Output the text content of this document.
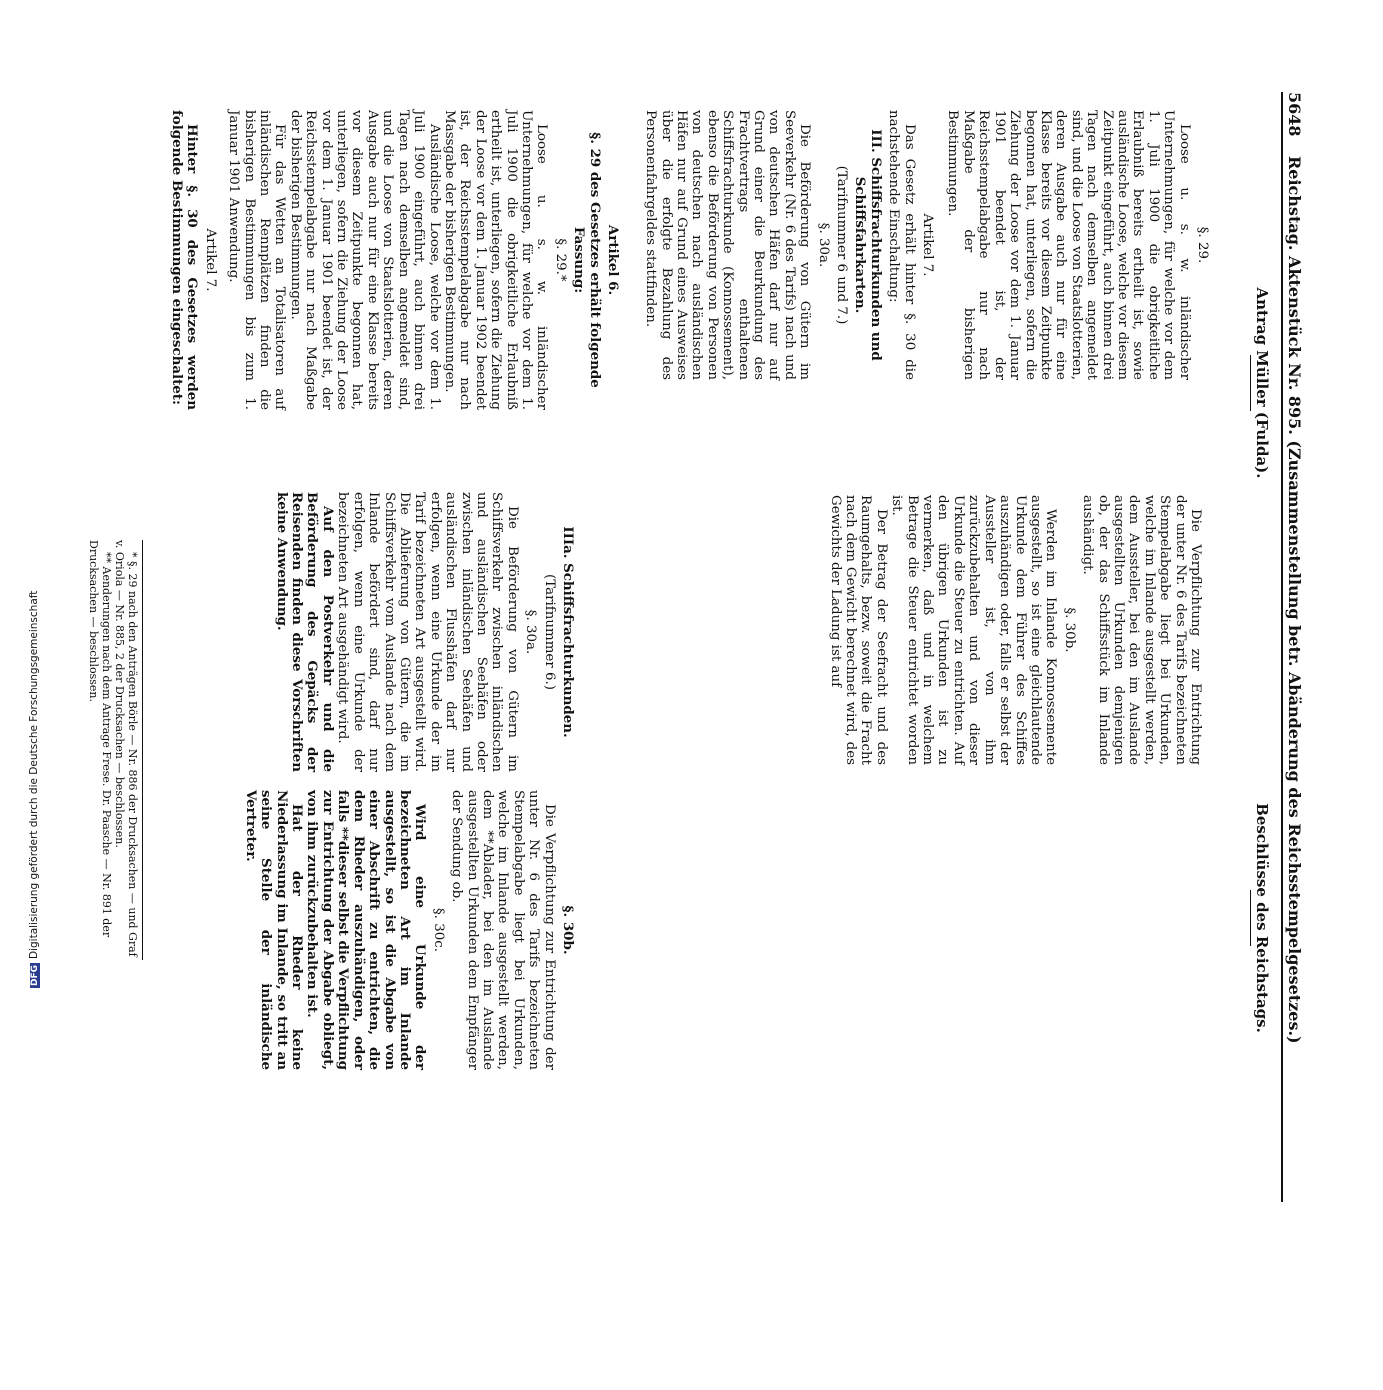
5648
Reichstag. Aktenstück Nr. 895. (Zusammenstellung betr. Abänderung des Reichsstempelgesetzes.)
Antrag Müller (Fulda).
Beschlüsse des Reichstags.

§. 29.

Loose u. s. w. inländischer Unternehmungen, für welche vor dem 1. Juli 1900 die obrigkeitliche Erlaubniß bereits ertheilt ist, sowie ausländische Loose, welche vor diesem Zeitpunkt eingeführt, auch binnen drei Tagen nach demselben angemeldet sind, und die Loose von Staatslotterien, deren Ausgabe auch nur für eine Klasse bereits vor diesem Zeitpunkte begonnen hat, unterliegen, sofern die Ziehung der Loose vor dem 1. Januar 1901 beendet ist, der Reichsstempelabgabe nur nach Maßgabe der bisherigen Bestimmungen.

Artikel 7.

Das Gesetz erhält hinter §. 30 die nachstehende Einschaltung:

III. Schiffsfrachturkunden und Schiffsfahrkarten.

(Tarifnummer 6 und 7.)

§. 30a.

Die Beförderung von Gütern im Seeverkehr (Nr. 6 des Tarifs) nach und von deutschen Häfen darf nur auf Grund einer die Beurkundung des Frachtvertrags enthaltenen Schiffsfrachturkunde (Konnossement), ebenso die Beförderung von Personen von deutschen nach ausländischen Häfen nur auf Grund eines Ausweises über die erfolgte Bezahlung des Personenfahrgeldes stattfinden.

Die Verpflichtung zur Entrichtung der unter Nr. 6 des Tarifs bezeichneten Stempelabgabe liegt bei Urkunden, welche im Inlande ausgestellt werden, dem Aussteller, bei den im Auslande ausgestellten Urkunden demjenigen ob, der das Schiffsstück im Inlande aushändigt.

§. 30b.

Werden im Inlande Konnossemente ausgestellt, so ist eine gleichlautende Urkunde dem Führer des Schiffes auszuhändigen oder, falls er selbst der Aussteller ist, von ihm zurückzubehalten und von dieser Urkunde die Steuer zu entrichten. Auf den übrigen Urkunden ist zu vermerken, daß und in welchem Betrage die Steuer entrichtet worden ist.

Der Betrag der Seefracht und des Raumgehalts, bezw. soweit die Fracht nach dem Gewicht berechnet wird, des Gewichts der Ladung ist auf

Artikel 6.

§. 29 des Gesetzes erhält folgende Fassung:

§. 29.*

Loose u. s. w. inländischer Unternehmungen, für welche vor dem 1. Juli 1900 die obrigkeitliche Erlaubniß ertheilt ist, unterliegen, sofern die Ziehung der Loose vor dem 1. Januar 1902 beendet ist, der Reichsstempelabgabe nur nach Massgabe der bisherigen Bestimmungen.

Ausländische Loose, welche vor dem 1. Juli 1900 eingeführt, auch binnen drei Tagen nach demselben angemeldet sind, und die Loose von Staatslotterien, deren Ausgabe auch nur für eine Klasse bereits vor diesem Zeitpunkte begonnen hat, unterliegen, sofern die Ziehung der Loose vor dem 1. Januar 1901 beendet ist, der Reichsstempelabgabe nur nach Maßgabe der bisherigen Bestimmungen.

Für das Wetten an Totalisatoren auf inländischen Rennplätzen finden die bisherigen Bestimmungen bis zum 1. Januar 1901 Anwendung.

Artikel 7.

Hinter §. 30 des Gesetzes werden folgende Bestimmungen eingeschaltet:

IIIa. Schiffsfrachturkunden.

(Tarifnummer 6.)

§. 30a.

Die Beförderung von Gütern im Schiffsverkehr zwischen inländischen und ausländischen Seehäfen oder zwischen inländischen Seehäfen und ausländischen Flusshäfen darf nur erfolgen, wenn eine Urkunde der im Tarif bezeichneten Art ausgestellt wird. Die Ablieferung von Gütern, die im Schiffsverkehr vom Auslande nach dem Inlande befördert sind, darf nur erfolgen, wenn eine Urkunde der bezeichneten Art ausgehändigt wird.

Auf den Postverkehr und die Beförderung des Gepäcks der Reisenden finden diese Vorschriften keine Anwendung.

§. 30b.

Die Verpflichtung zur Entrichtung der unter Nr. 6 des Tarifs bezeichneten Stempelabgabe liegt bei Urkunden, welche im Inlande ausgestellt werden, dem **Ablader, bei den im Auslande ausgestellten Urkunden dem Empfänger der Sendung ob.

§. 30c.

Wird eine Urkunde der bezeichneten Art im Inlande ausgestellt, so ist die Abgabe von einer Abschrift zu entrichten, die dem Rheder auszuhändigen, oder falls **dieser selbst die Verpflichtung zur Entrichtung der Abgabe obliegt, von ihm zurückzubehalten ist.

Hat der Rheder keine Niederlassung im Inlande, so tritt an seine Stelle der inländische Vertreter.

* §. 29 nach den Anträgen Börle — Nr. 886 der Drucksachen — und Graf v. Oriola — Nr. 885, 2 der Drucksachen — beschlossen.

** Aenderungen nach dem Antrage Frese. Dr. Paasche — Nr. 891 der Drucksachen — beschlossen.

DFGDigitalisierung gefördert durch die Deutsche Forschungsgemeinschaft
